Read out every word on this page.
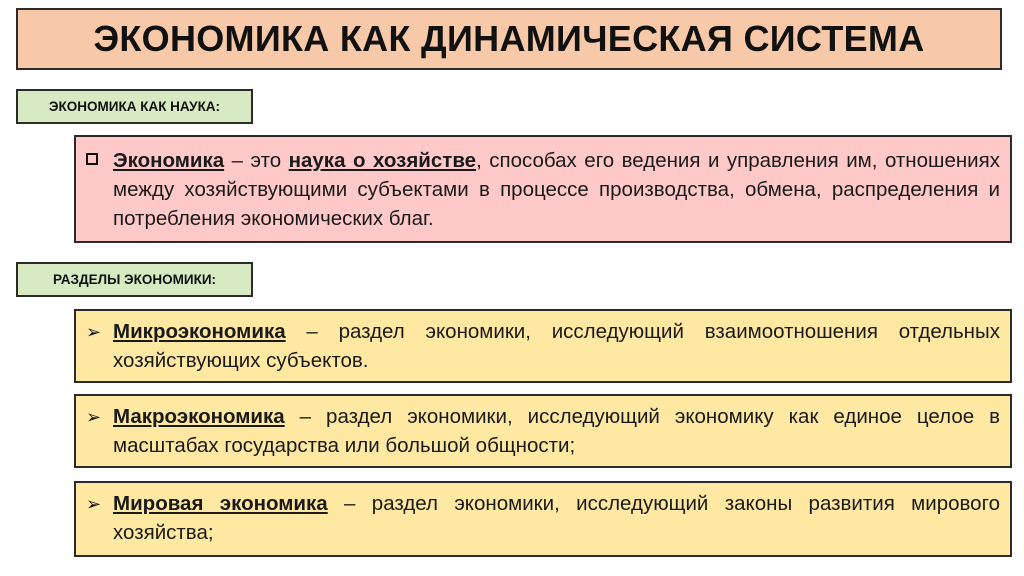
ЭКОНОМИКА КАК ДИНАМИЧЕСКАЯ СИСТЕМА
ЭКОНОМИКА КАК НАУКА:
Экономика – это наука о хозяйстве, способах его ведения и управления им, отношениях между хозяйствующими субъектами в процессе производства, обмена, распределения и потребления экономических благ.
РАЗДЕЛЫ ЭКОНОМИКИ:
➢ Микроэкономика – раздел экономики, исследующий взаимоотношения отдельных хозяйствующих субъектов.
➢ Макроэкономика – раздел экономики, исследующий экономику как единое целое в масштабах государства или большой общности;
➢ Мировая экономика – раздел экономики, исследующий законы развития мирового хозяйства;
